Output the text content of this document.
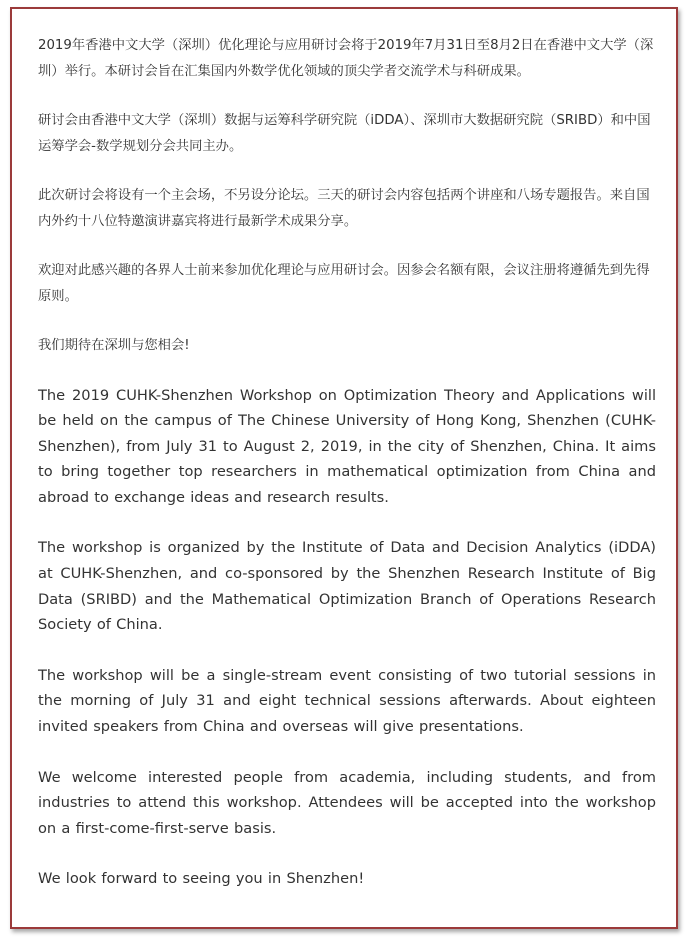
2019年香港中文大学（深圳）优化理论与应用研讨会将于2019年7月31日至8月2日在香港中文大学（深圳）举行。本研讨会旨在汇集国内外数学优化领域的顶尖学者交流学术与科研成果。

研讨会由香港中文大学（深圳）数据与运筹科学研究院（iDDA）、深圳市大数据研究院（SRIBD）和中国运筹学会-数学规划分会共同主办。

此次研讨会将设有一个主会场，不另设分论坛。三天的研讨会内容包括两个讲座和八场专题报告。来自国内外约十八位特邀演讲嘉宾将进行最新学术成果分享。

欢迎对此感兴趣的各界人士前来参加优化理论与应用研讨会。因参会名额有限，会议注册将遵循先到先得原则。

我们期待在深圳与您相会!

The 2019 CUHK-Shenzhen Workshop on Optimization Theory and Applications will be held on the campus of The Chinese University of Hong Kong, Shenzhen (CUHK-Shenzhen), from July 31 to August 2, 2019, in the city of Shenzhen, China. It aims to bring together top researchers in mathematical optimization from China and abroad to exchange ideas and research results.

The workshop is organized by the Institute of Data and Decision Analytics (iDDA) at CUHK-Shenzhen, and co-sponsored by the Shenzhen Research Institute of Big Data (SRIBD) and the Mathematical Optimization Branch of Operations Research Society of China.

The workshop will be a single-stream event consisting of two tutorial sessions in the morning of July 31 and eight technical sessions afterwards. About eighteen invited speakers from China and overseas will give presentations.

We welcome interested people from academia, including students, and from industries to attend this workshop. Attendees will be accepted into the workshop on a first-come-first-serve basis.

We look forward to seeing you in Shenzhen!
